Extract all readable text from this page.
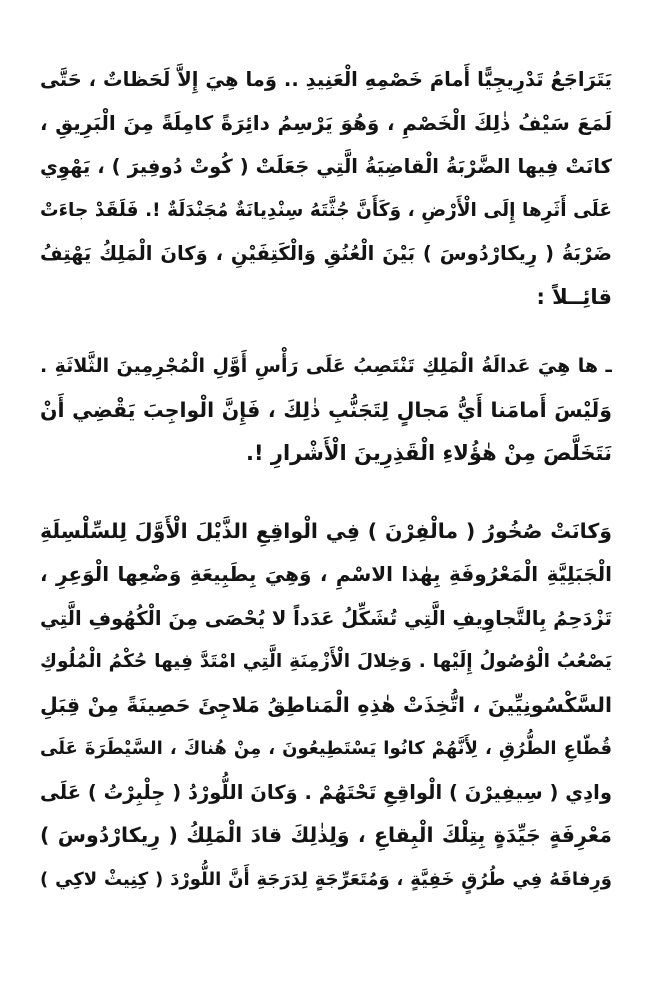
يَتَرَاجَعُ تَدْرِيجِيًّا أَمامَ خَصْمِهِ الْعَنِيدِ .. وَما هِيَ إِلاَّ لَحَظاتٌ ، حَتَّى
لَمَعَ سَيْفُ ذٰلِكَ الْخَصْمِ ، وَهُوَ يَرْسِمُ دائِرَةً كامِلَةً مِنَ الْبَرِيقِ ،
كانَتْ فِيها الضَّرْبَةُ الْقاضِيَةُ الَّتِي جَعَلَتْ ( كُوتْ دُوفِيرَ ) ، يَهْوِي
عَلَى أَثَرِها إِلَى الْأَرْضِ ، وَكَأَنَّ جُثَّتَهُ سِنْدِيانَةٌ مُجَنْدَلَةٌ !. فَلَقَدْ جاءَتْ
ضَرْبَةُ ( رِيكارْدُوسَ ) بَيْنَ الْعُنُقِ وَالْكَتِفَيْنِ ، وَكانَ الْمَلِكُ يَهْتِفُ
قائِــلاً :
ـ ها هِيَ عَدالَةُ الْمَلِكِ تَنْتَصِبُ عَلَى رَأْسِ أَوَّلِ الْمُجْرِمِينَ الثَّلاثَةِ .
وَلَيْسَ أَمامَنا أَيُّ مَجالٍ لِتَجَنُّبِ ذٰلِكَ ، فَإِنَّ الْواجِبَ يَقْضِي أَنْ
نَتَخَلَّصَ مِنْ هٰؤُلاءِ الْقَذِرِينَ الْأَشْرارِ !.
وَكانَتْ صُخُورُ ( مالْفِرْنَ ) فِي الْواقِعِ الذَّيْلَ الْأَوَّلَ لِلسِّلْسِلَةِ
الْجَبَلِيَّةِ الْمَعْرُوفَةِ بِهٰذا الاسْمِ ، وَهِيَ بِطَبِيعَةِ وَضْعِها الْوَعِرِ ،
تَزْدَحِمُ بِالتَّجاوِيفِ الَّتِي تُشَكِّلُ عَدَداً لا يُحْصَى مِنَ الْكُهُوفِ الَّتِي
يَصْعُبُ الْوُصُولُ إِلَيْها . وَخِلالَ الْأَزْمِنَةِ الَّتِي امْتَدَّ فِيها حُكْمُ الْمُلُوكِ
السَّكْسُونِيِّينَ ، اتُّخِذَتْ هٰذِهِ الْمَناطِقُ مَلاجِئَ حَصِينَةً مِنْ قِبَلِ
قُطّاعِ الطُّرُقِ ، لِأَنَّهُمْ كانُوا يَسْتَطِيعُونَ ، مِنْ هُناكَ ، السَّيْطَرَةَ عَلَى
وادِي ( سِيفِيرْنَ ) الْواقِعِ تَحْتَهُمْ . وَكانَ اللُّورْدُ ( جِلْبِرْتُ ) عَلَى
مَعْرِفَةٍ جَيِّدَةٍ بِتِلْكَ الْبِقاعِ ، وَلِذٰلِكَ قادَ الْمَلِكُ ( رِيكارْدُوسَ )
وَرِفاقَهُ فِي طُرُقٍ خَفِيَّةٍ ، وَمُتَعَرِّجَةٍ لِدَرَجَةِ أَنَّ اللُّورْدَ ( كِنِيثْ لاكِي )
